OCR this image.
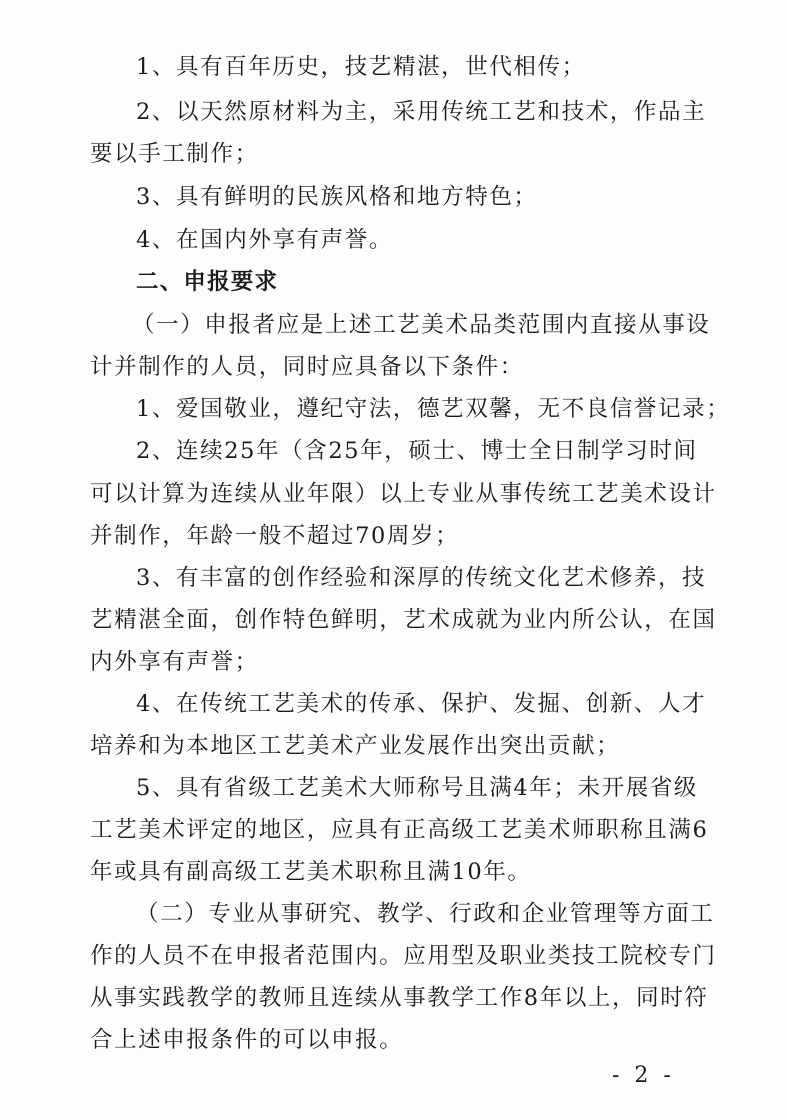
1、具有百年历史，技艺精湛，世代相传；
2、以天然原材料为主，采用传统工艺和技术，作品主
要以手工制作；
3、具有鲜明的民族风格和地方特色；
4、在国内外享有声誉。
二、申报要求
（一）申报者应是上述工艺美术品类范围内直接从事设
计并制作的人员，同时应具备以下条件：
1、爱国敬业，遵纪守法，德艺双馨，无不良信誉记录；
2、连续25年（含25年，硕士、博士全日制学习时间
可以计算为连续从业年限）以上专业从事传统工艺美术设计
并制作，年龄一般不超过70周岁；
3、有丰富的创作经验和深厚的传统文化艺术修养，技
艺精湛全面，创作特色鲜明，艺术成就为业内所公认，在国
内外享有声誉；
4、在传统工艺美术的传承、保护、发掘、创新、人才
培养和为本地区工艺美术产业发展作出突出贡献；
5、具有省级工艺美术大师称号且满4年；未开展省级
工艺美术评定的地区，应具有正高级工艺美术师职称且满6
年或具有副高级工艺美术职称且满10年。
（二）专业从事研究、教学、行政和企业管理等方面工
作的人员不在申报者范围内。应用型及职业类技工院校专门
从事实践教学的教师且连续从事教学工作8年以上，同时符
合上述申报条件的可以申报。
- 2 -
